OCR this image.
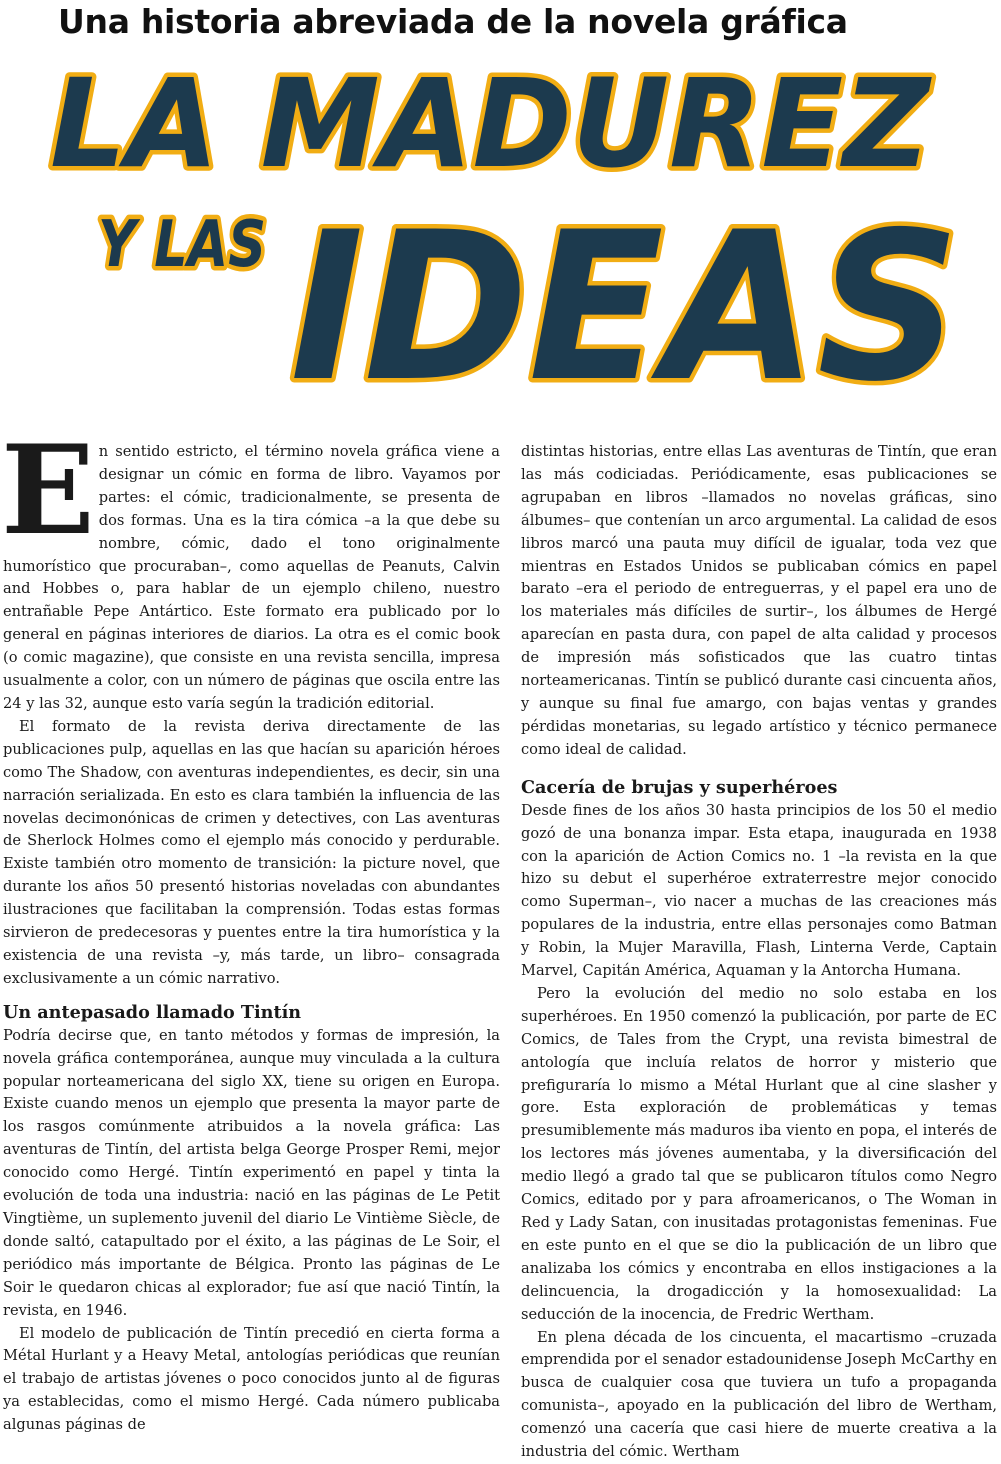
Una historia abreviada de la novela gráfica
LA MADUREZ
Y LAS IDEAS
E n sentido estricto, el término novela gráfica viene a designar un cómic en forma de libro. Vayamos por partes: el cómic, tradicionalmente, se presenta de dos formas. Una es la tira cómica –a la que debe su nombre, cómic, dado el tono originalmente humorístico que procuraban–, como aquellas de Peanuts, Calvin and Hobbes o, para hablar de un ejemplo chileno, nuestro entrañable Pepe Antártico. Este formato era publicado por lo general en páginas interiores de diarios. La otra es el comic book (o comic magazine), que consiste en una revista sencilla, impresa usualmente a color, con un número de páginas que oscila entre las 24 y las 32, aunque esto varía según la tradición editorial.

El formato de la revista deriva directamente de las publicaciones pulp, aquellas en las que hacían su aparición héroes como The Shadow, con aventuras independientes, es decir, sin una narración serializada. En esto es clara también la influencia de las novelas decimonónicas de crimen y detectives, con Las aventuras de Sherlock Holmes como el ejemplo más conocido y perdurable. Existe también otro momento de transición: la picture novel, que durante los años 50 presentó historias noveladas con abundantes ilustraciones que facilitaban la comprensión. Todas estas formas sirvieron de predecesoras y puentes entre la tira humorística y la existencia de una revista –y, más tarde, un libro– consagrada exclusivamente a un cómic narrativo.

Un antepasado llamado Tintín

Podría decirse que, en tanto métodos y formas de impresión, la novela gráfica contemporánea, aunque muy vinculada a la cultura popular norteamericana del siglo XX, tiene su origen en Europa. Existe cuando menos un ejemplo que presenta la mayor parte de los rasgos comúnmente atribuidos a la novela gráfica: Las aventuras de Tintín, del artista belga George Prosper Remi, mejor conocido como Hergé. Tintín experimentó en papel y tinta la evolución de toda una industria: nació en las páginas de Le Petit Vingtième, un suplemento juvenil del diario Le Vintième Siècle, de donde saltó, catapultado por el éxito, a las páginas de Le Soir, el periódico más importante de Bélgica. Pronto las páginas de Le Soir le quedaron chicas al explorador; fue así que nació Tintín, la revista, en 1946.

El modelo de publicación de Tintín precedió en cierta forma a Métal Hurlant y a Heavy Metal, antologías periódicas que reunían el trabajo de artistas jóvenes o poco conocidos junto al de figuras ya establecidas, como el mismo Hergé. Cada número publicaba algunas páginas de

distintas historias, entre ellas Las aventuras de Tintín, que eran las más codiciadas. Periódicamente, esas publicaciones se agrupaban en libros –llamados no novelas gráficas, sino álbumes– que contenían un arco argumental. La calidad de esos libros marcó una pauta muy difícil de igualar, toda vez que mientras en Estados Unidos se publicaban cómics en papel barato –era el periodo de entreguerras, y el papel era uno de los materiales más difíciles de surtir–, los álbumes de Hergé aparecían en pasta dura, con papel de alta calidad y procesos de impresión más sofisticados que las cuatro tintas norteamericanas. Tintín se publicó durante casi cincuenta años, y aunque su final fue amargo, con bajas ventas y grandes pérdidas monetarias, su legado artístico y técnico permanece como ideal de calidad.

Cacería de brujas y superhéroes

Desde fines de los años 30 hasta principios de los 50 el medio gozó de una bonanza impar. Esta etapa, inaugurada en 1938 con la aparición de Action Comics no. 1 –la revista en la que hizo su debut el superhéroe extraterrestre mejor conocido como Superman–, vio nacer a muchas de las creaciones más populares de la industria, entre ellas personajes como Batman y Robin, la Mujer Maravilla, Flash, Linterna Verde, Captain Marvel, Capitán América, Aquaman y la Antorcha Humana.

Pero la evolución del medio no solo estaba en los superhéroes. En 1950 comenzó la publicación, por parte de EC Comics, de Tales from the Crypt, una revista bimestral de antología que incluía relatos de horror y misterio que prefiguraría lo mismo a Métal Hurlant que al cine slasher y gore. Esta exploración de problemáticas y temas presumiblemente más maduros iba viento en popa, el interés de los lectores más jóvenes aumentaba, y la diversificación del medio llegó a grado tal que se publicaron títulos como Negro Comics, editado por y para afroamericanos, o The Woman in Red y Lady Satan, con inusitadas protagonistas femeninas. Fue en este punto en el que se dio la publicación de un libro que analizaba los cómics y encontraba en ellos instigaciones a la delincuencia, la drogadicción y la homosexualidad: La seducción de la inocencia, de Fredric Wertham.

En plena década de los cincuenta, el macartismo –cruzada emprendida por el senador estadounidense Joseph McCarthy en busca de cualquier cosa que tuviera un tufo a propaganda comunista–, apoyado en la publicación del libro de Wertham, comenzó una cacería que casi hiere de muerte creativa a la industria del cómic. Wertham
